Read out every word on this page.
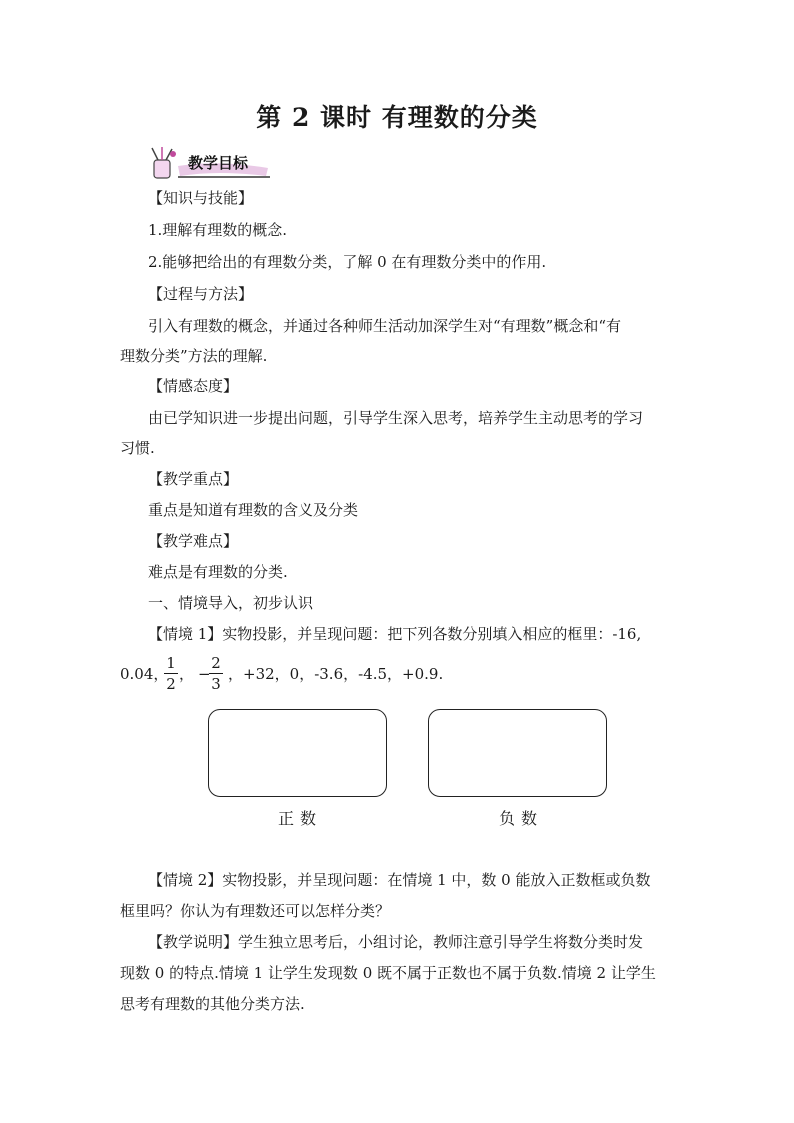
第 2 课时 有理数的分类
教学目标
【知识与技能】
1.理解有理数的概念.
2.能够把给出的有理数分类，了解 0 在有理数分类中的作用.
【过程与方法】
引入有理数的概念，并通过各种师生活动加深学生对“有理数”概念和“有
理数分类”方法的理解.
【情感态度】
由已学知识进一步提出问题，引导学生深入思考，培养学生主动思考的学习
习惯.
【教学重点】
重点是知道有理数的含义及分类
【教学难点】
难点是有理数的分类.
一、情境导入，初步认识
【情境 1】实物投影，并呈现问题：把下列各数分别填入相应的框里：-16,
0.04，
1
2
， −
2
3
，+32，0，-3.6，-4.5，+0.9.
正数	负数
【情境 2】实物投影，并呈现问题：在情境 1 中，数 0 能放入正数框或负数
框里吗？你认为有理数还可以怎样分类？
【教学说明】学生独立思考后，小组讨论，教师注意引导学生将数分类时发
现数 0 的特点.情境 1 让学生发现数 0 既不属于正数也不属于负数.情境 2 让学生
思考有理数的其他分类方法.
